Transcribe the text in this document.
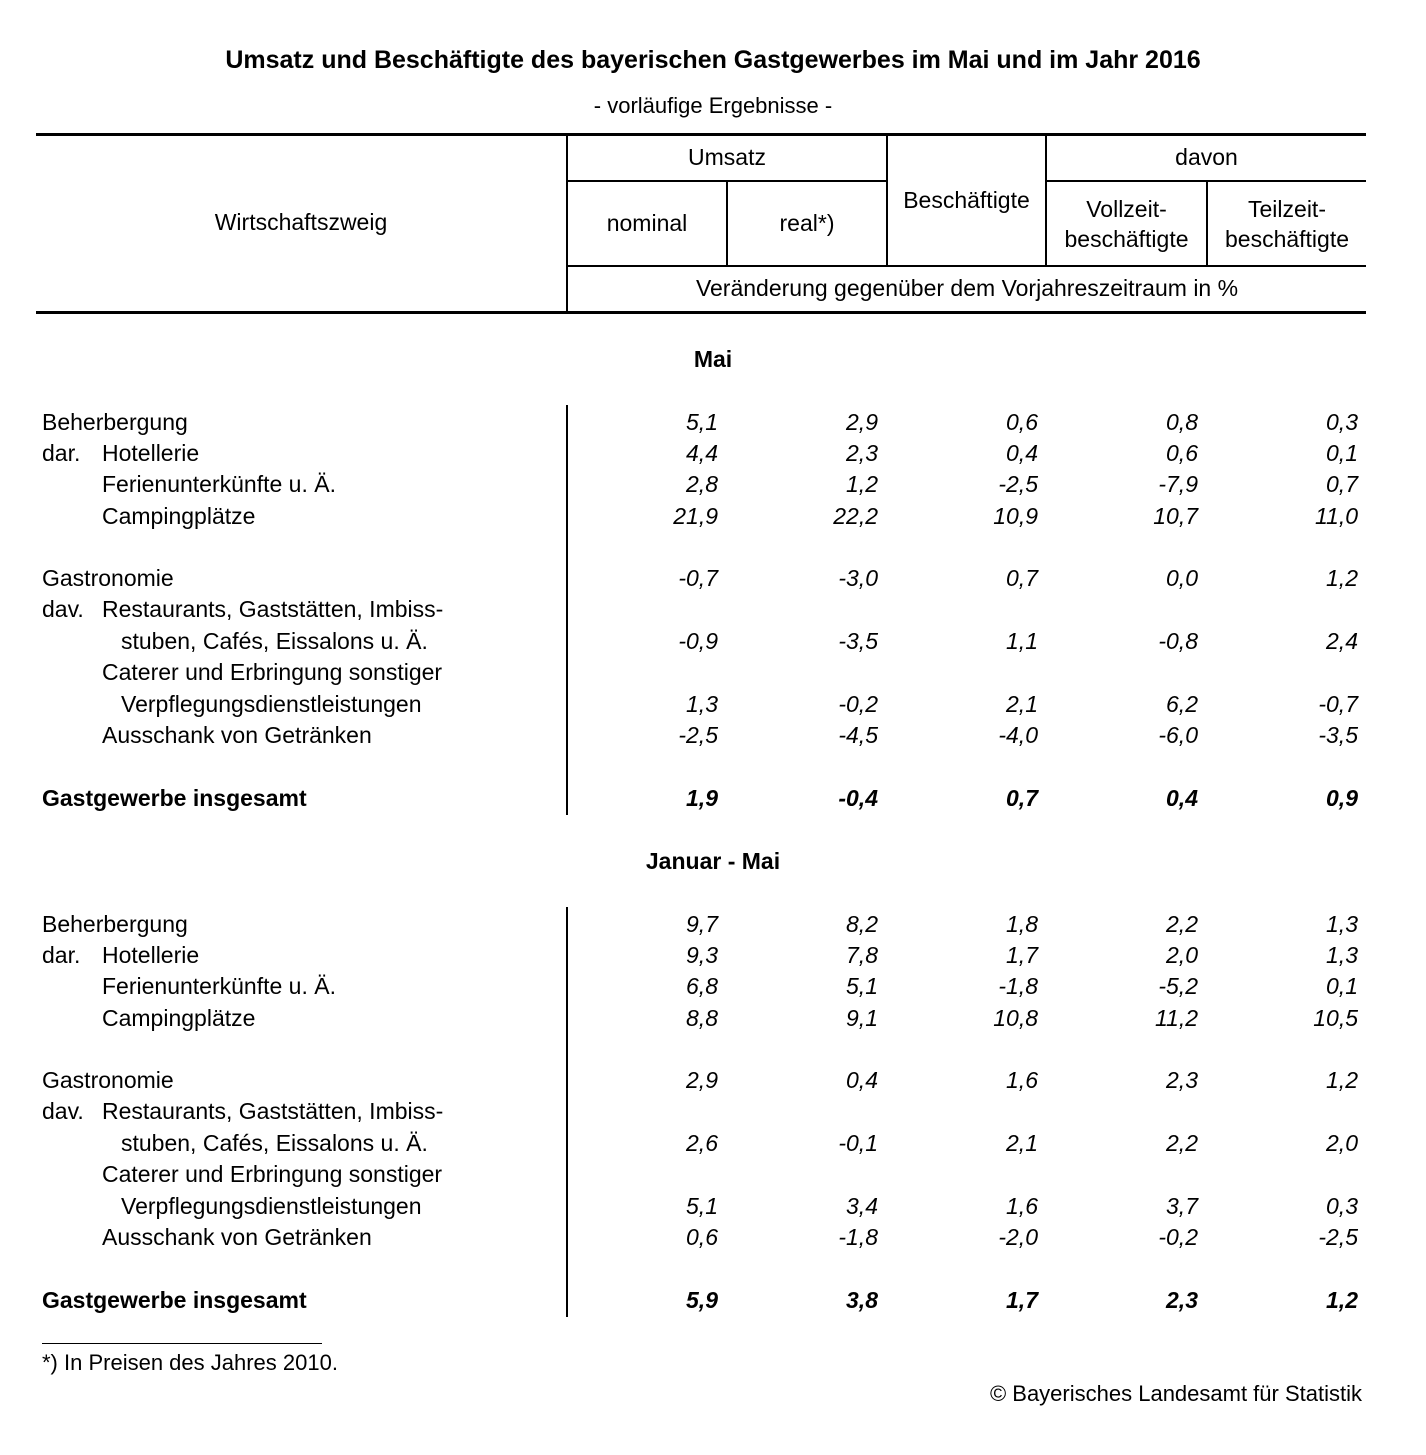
Umsatz und Beschäftigte des bayerischen Gastgewerbes im Mai und im Jahr 2016
- vorläufige Ergebnisse -
Wirtschaftszweig
Umsatz
nominal	real*)
Beschäftigte
davon
Vollzeit-
beschäftigte
Teilzeit-
beschäftigte
Veränderung gegenüber dem Vorjahreszeitraum in %
Mai
Beherbergung	5,1	2,9	0,6	0,8	0,3
dar. Hotellerie	4,4	2,3	0,4	0,6	0,1
Ferienunterkünfte u. Ä.	2,8	1,2	-2,5	-7,9	0,7
Campingplätze	21,9	22,2	10,9	10,7	11,0
Gastronomie	-0,7	-3,0	0,7	0,0	1,2
dav. Restaurants, Gaststätten, Imbiss-
stuben, Cafés, Eissalons u. Ä.	-0,9	-3,5	1,1	-0,8	2,4
Caterer und Erbringung sonstiger
Verpflegungsdienstleistungen	1,3	-0,2	2,1	6,2	-0,7
Ausschank von Getränken	-2,5	-4,5	-4,0	-6,0	-3,5
Gastgewerbe insgesamt	1,9	-0,4	0,7	0,4	0,9
Januar - Mai
Beherbergung	9,7	8,2	1,8	2,2	1,3
dar. Hotellerie	9,3	7,8	1,7	2,0	1,3
Ferienunterkünfte u. Ä.	6,8	5,1	-1,8	-5,2	0,1
Campingplätze	8,8	9,1	10,8	11,2	10,5
Gastronomie	2,9	0,4	1,6	2,3	1,2
dav. Restaurants, Gaststätten, Imbiss-
stuben, Cafés, Eissalons u. Ä.	2,6	-0,1	2,1	2,2	2,0
Caterer und Erbringung sonstiger
Verpflegungsdienstleistungen	5,1	3,4	1,6	3,7	0,3
Ausschank von Getränken	0,6	-1,8	-2,0	-0,2	-2,5
Gastgewerbe insgesamt	5,9	3,8	1,7	2,3	1,2
*) In Preisen des Jahres 2010.
© Bayerisches Landesamt für Statistik
